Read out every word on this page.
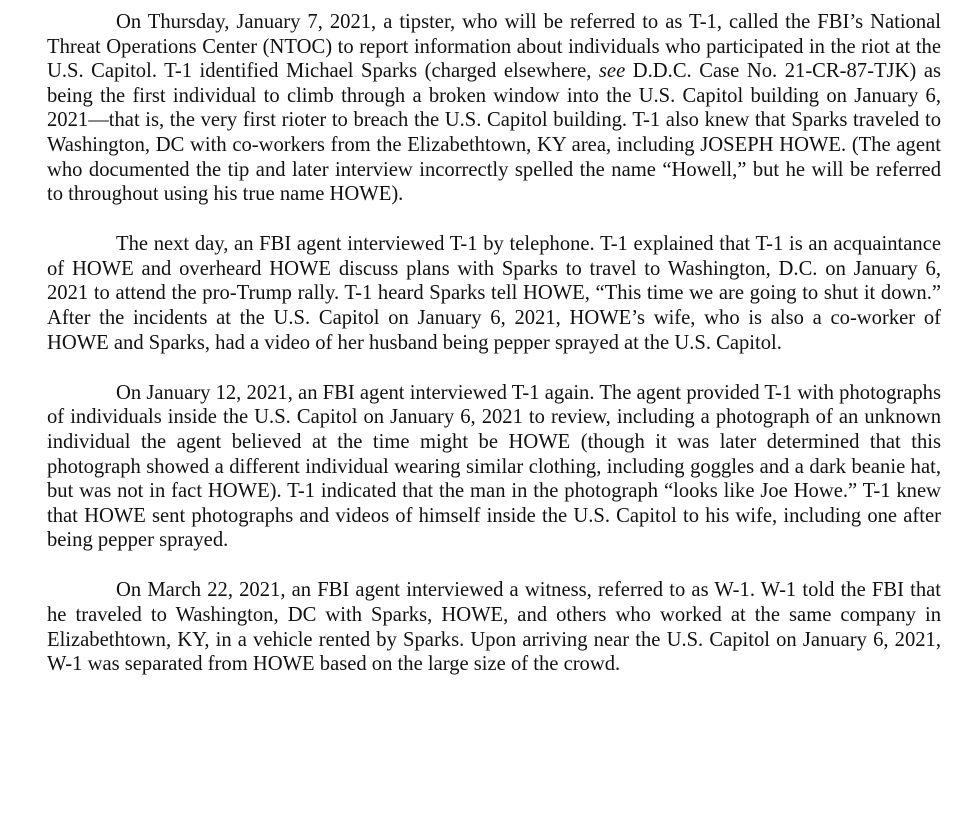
On Thursday, January 7, 2021, a tipster, who will be referred to as T-1, called the FBI’s National Threat Operations Center (NTOC) to report information about individuals who participated in the riot at the U.S. Capitol. T-1 identified Michael Sparks (charged elsewhere, see D.D.C. Case No. 21-CR-87-TJK) as being the first individual to climb through a broken window into the U.S. Capitol building on January 6, 2021—that is, the very first rioter to breach the U.S. Capitol building. T-1 also knew that Sparks traveled to Washington, DC with co-workers from the Elizabethtown, KY area, including JOSEPH HOWE. (The agent who documented the tip and later interview incorrectly spelled the name “Howell,” but he will be referred to throughout using his true name HOWE).

The next day, an FBI agent interviewed T-1 by telephone. T-1 explained that T-1 is an acquaintance of HOWE and overheard HOWE discuss plans with Sparks to travel to Washington, D.C. on January 6, 2021 to attend the pro-Trump rally. T-1 heard Sparks tell HOWE, “This time we are going to shut it down.” After the incidents at the U.S. Capitol on January 6, 2021, HOWE’s wife, who is also a co-worker of HOWE and Sparks, had a video of her husband being pepper sprayed at the U.S. Capitol.

On January 12, 2021, an FBI agent interviewed T-1 again. The agent provided T-1 with photographs of individuals inside the U.S. Capitol on January 6, 2021 to review, including a photograph of an unknown individual the agent believed at the time might be HOWE (though it was later determined that this photograph showed a different individual wearing similar clothing, including goggles and a dark beanie hat, but was not in fact HOWE). T-1 indicated that the man in the photograph “looks like Joe Howe.” T-1 knew that HOWE sent photographs and videos of himself inside the U.S. Capitol to his wife, including one after being pepper sprayed.

On March 22, 2021, an FBI agent interviewed a witness, referred to as W-1. W-1 told the FBI that he traveled to Washington, DC with Sparks, HOWE, and others who worked at the same company in Elizabethtown, KY, in a vehicle rented by Sparks. Upon arriving near the U.S. Capitol on January 6, 2021, W-1 was separated from HOWE based on the large size of the crowd.
